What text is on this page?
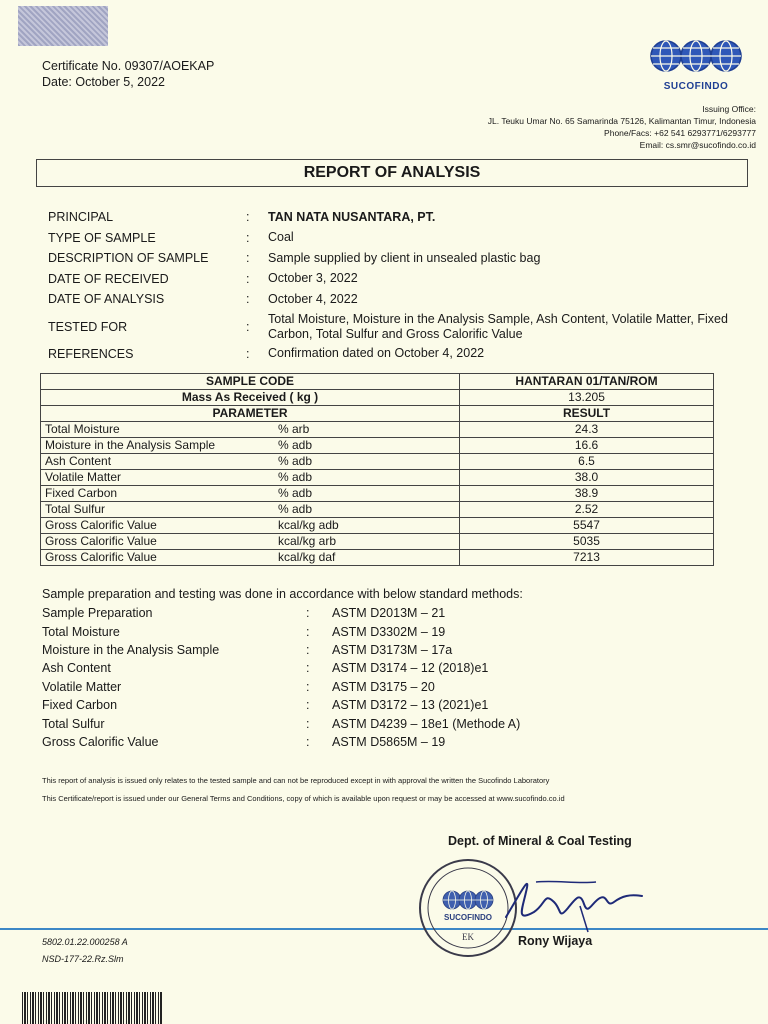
Certificate No. 09307/AOEKAP
Date: October 5, 2022	SUCOFINDO
Issuing Office:
JL. Teuku Umar No. 65 Samarinda 75126, Kalimantan Timur, Indonesia
Phone/Facs: +62 541 6293771/6293777
Email: cs.smr@sucofindo.co.id
REPORT OF ANALYSIS
PRINCIPAL	:	TAN NATA NUSANTARA, PT.
TYPE OF SAMPLE	:	Coal
DESCRIPTION OF SAMPLE	:	Sample supplied by client in unsealed plastic bag
DATE OF RECEIVED	:	October 3, 2022
DATE OF ANALYSIS	:	October 4, 2022
TESTED FOR	:
Total Moisture, Moisture in the Analysis Sample, Ash Content, Volatile Matter, Fixed Carbon, Total Sulfur and Gross Calorific Value
REFERENCES	:	Confirmation dated on October 4, 2022
SAMPLE CODE		HANTARAN 01/TAN/ROM
Mass As Received ( kg )		13.205
PARAMETER		RESULT
Total Moisture	% arb	24.3
Moisture in the Analysis Sample	% adb	16.6
Ash Content	% adb	6.5
Volatile Matter	% adb	38.0
Fixed Carbon	% adb	38.9
Total Sulfur	% adb	2.52
Gross Calorific Value	kcal/kg adb	5547
Gross Calorific Value	kcal/kg arb	5035
Gross Calorific Value	kcal/kg daf	7213
Sample preparation and testing was done in accordance with below standard methods:
Sample Preparation	:	ASTM D2013M – 21
Total Moisture	:	ASTM D3302M – 19
Moisture in the Analysis Sample	:	ASTM D3173M – 17a
Ash Content	:	ASTM D3174 – 12 (2018)e1
Volatile Matter	:	ASTM D3175 – 20
Fixed Carbon	:	ASTM D3172 – 13 (2021)e1
Total Sulfur	:	ASTM D4239 – 18e1 (Methode A)
Gross Calorific Value	:	ASTM D5865M – 19
This report of analysis is issued only relates to the tested sample and can not be reproduced except in with approval the written the Sucofindo Laboratory
This Certificate/report is issued under our General Terms and Conditions, copy of which is available upon request or may be accessed at www.sucofindo.co.id
Dept. of Mineral & Coal Testing
SUCOFINDO
EK	Rony Wijaya
5802.01.22.000258 A
NSD-177-22.Rz.Slm
